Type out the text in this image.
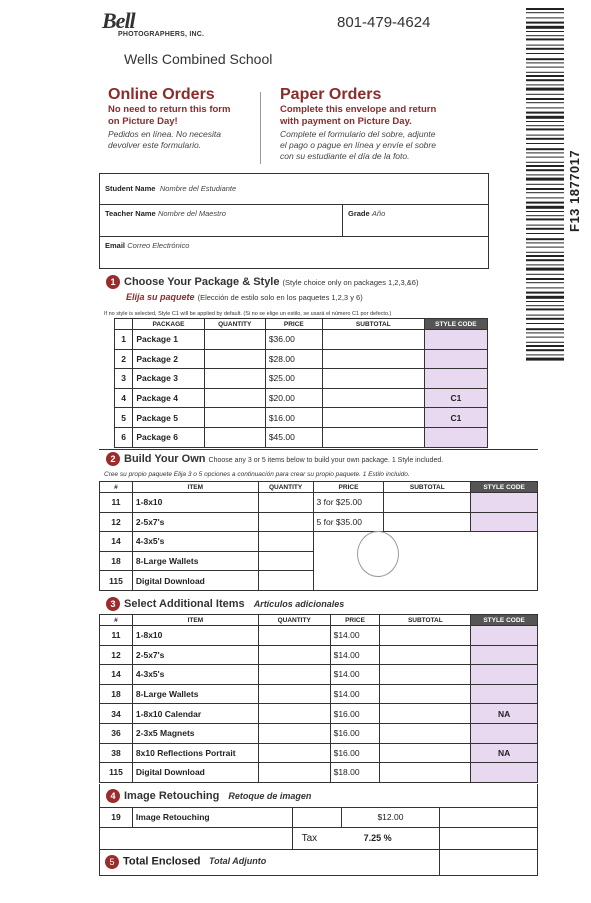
Bell
PHOTOGRAPHERS, INC.
801-479-4624
Wells Combined School
F13 1877017
Online Orders
No need to return this form
on Picture Day!
Pedidos en línea. No necesita
devolver este formulario.
Paper Orders
Complete this envelope and return
with payment on Picture Day.
Complete el formulario del sobre, adjunte
el pago o pague en línea y envíe el sobre
con su estudiante el día de la foto.
Student Name Nombre del Estudiante
Teacher Name Nombre del Maestro	Grade Año
Email Correo Electrónico
1 Choose Your Package & Style (Style choice only on packages 1,2,3,&6)
Elija su paquete (Elección de estilo solo en los paquetes 1,2,3 y 6)
If no style is selected, Style C1 will be applied by default. (Si no se elige un estilo, se usará el número C1 por defecto.)
	PACKAGE	QUANTITY	PRICE	SUBTOTAL	STYLE CODE
1	Package 1		$36.00		
2	Package 2		$28.00		
3	Package 3		$25.00		
4	Package 4		$20.00		C1
5	Package 5		$16.00		C1
6	Package 6		$45.00		
2 Build Your Own Choose any 3 or 5 items below to build your own package. 1 Style included.
Cree su propio paquete Elija 3 o 5 opciones a continuación para crear su propio paquete. 1 Estilo incluido.
#	ITEM	QUANTITY	PRICE	SUBTOTAL	STYLE CODE
11	1-8x10		3 for $25.00		
12	2-5x7's		5 for $35.00		
14	4-3x5's				
18	8-Large Wallets				
115	Digital Download				
3 Select Additional Items Artículos adicionales
#	ITEM	QUANTITY	PRICE	SUBTOTAL	STYLE CODE
11	1-8x10		$14.00		
12	2-5x7's		$14.00		
14	4-3x5's		$14.00		
18	8-Large Wallets		$14.00		
34	1-8x10 Calendar		$16.00		NA
36	2-3x5 Magnets		$16.00		
38	8x10 Reflections Portrait		$16.00		NA
115	Digital Download		$18.00		
4 Image Retouching Retoque de imagen
19	Image Retouching		$12.00	
		Tax 7.25 %		
5 Total Enclosed Total Adjunto				
